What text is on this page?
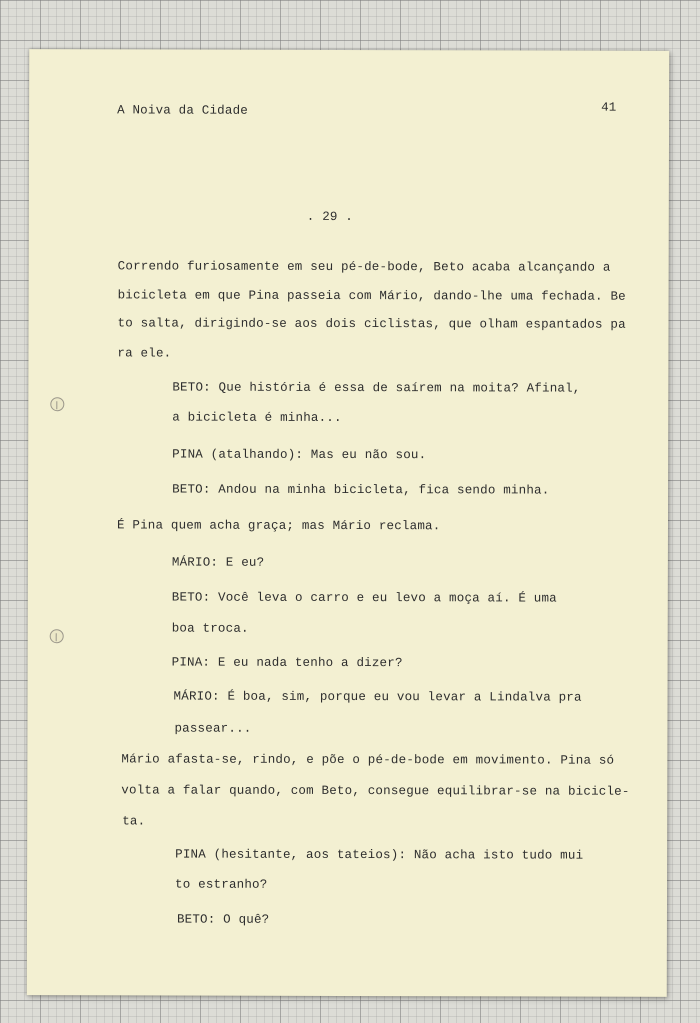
A Noiva da Cidade	41
. 29 .
Correndo furiosamente em seu pé-de-bode, Beto acaba alcançando a
bicicleta em que Pina passeia com Mário, dando-lhe uma fechada. Be
to salta, dirigindo-se aos dois ciclistas, que olham espantados pa
ra ele.
BETO: Que história é essa de saírem na moita? Afinal,
a bicicleta é minha...
PINA (atalhando): Mas eu não sou.
BETO: Andou na minha bicicleta, fica sendo minha.
É Pina quem acha graça; mas Mário reclama.
MÁRIO: E eu?
BETO: Você leva o carro e eu levo a moça aí. É uma
boa troca.
PINA: E eu nada tenho a dizer?
MÁRIO: É boa, sim, porque eu vou levar a Lindalva pra
passear...
Mário afasta-se, rindo, e põe o pé-de-bode em movimento. Pina só
volta a falar quando, com Beto, consegue equilibrar-se na biciclе-
ta.
PINA (hesitante, aos tateios): Não acha isto tudo mui
to estranho?
BETO: O quê?
